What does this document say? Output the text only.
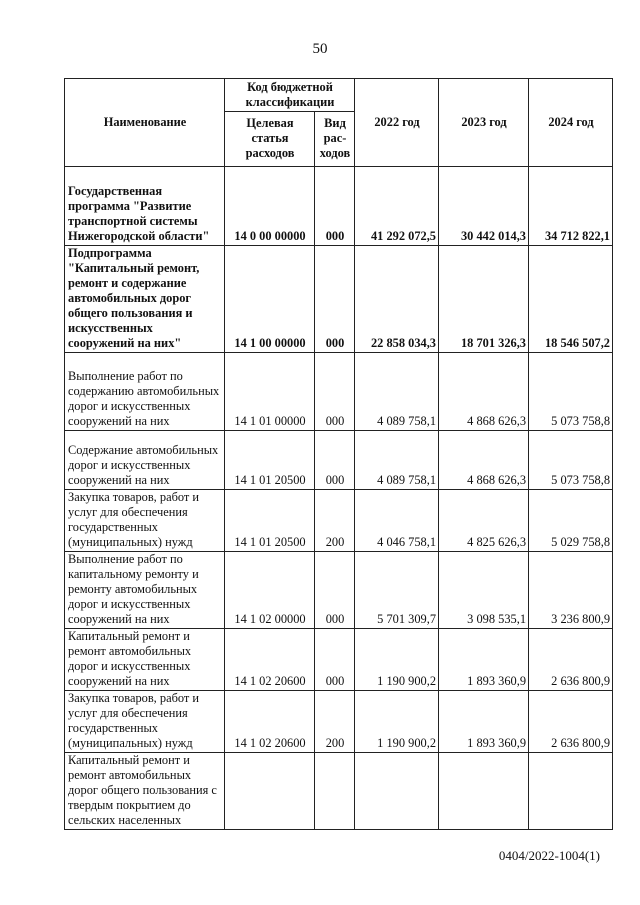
50
Наименование	Код бюджетной классификации		2022 год	2023 год	2024 год
	Целевая статья расходов	Вид рас-ходов			
Государственная программа "Развитие транспортной системы Нижегородской области"	14 0 00 00000	000	41 292 072,5	30 442 014,3	34 712 822,1
Подпрограмма "Капитальный ремонт, ремонт и содержание автомобильных дорог общего пользования и искусственных сооружений на них"	14 1 00 00000	000	22 858 034,3	18 701 326,3	18 546 507,2
Выполнение работ по содержанию автомобильных дорог и искусственных сооружений на них	14 1 01 00000	000	4 089 758,1	4 868 626,3	5 073 758,8
Содержание автомобильных дорог и искусственных сооружений на них	14 1 01 20500	000	4 089 758,1	4 868 626,3	5 073 758,8
Закупка товаров, работ и услуг для обеспечения государственных (муниципальных) нужд	14 1 01 20500	200	4 046 758,1	4 825 626,3	5 029 758,8
Выполнение работ по капитальному ремонту и ремонту автомобильных дорог и искусственных сооружений на них	14 1 02 00000	000	5 701 309,7	3 098 535,1	3 236 800,9
Капитальный ремонт и ремонт автомобильных дорог и искусственных сооружений на них	14 1 02 20600	000	1 190 900,2	1 893 360,9	2 636 800,9
Закупка товаров, работ и услуг для обеспечения государственных (муниципальных) нужд	14 1 02 20600	200	1 190 900,2	1 893 360,9	2 636 800,9
Капитальный ремонт и ремонт автомобильных дорог общего пользования с твердым покрытием до сельских населенных					
0404/2022-1004(1)
